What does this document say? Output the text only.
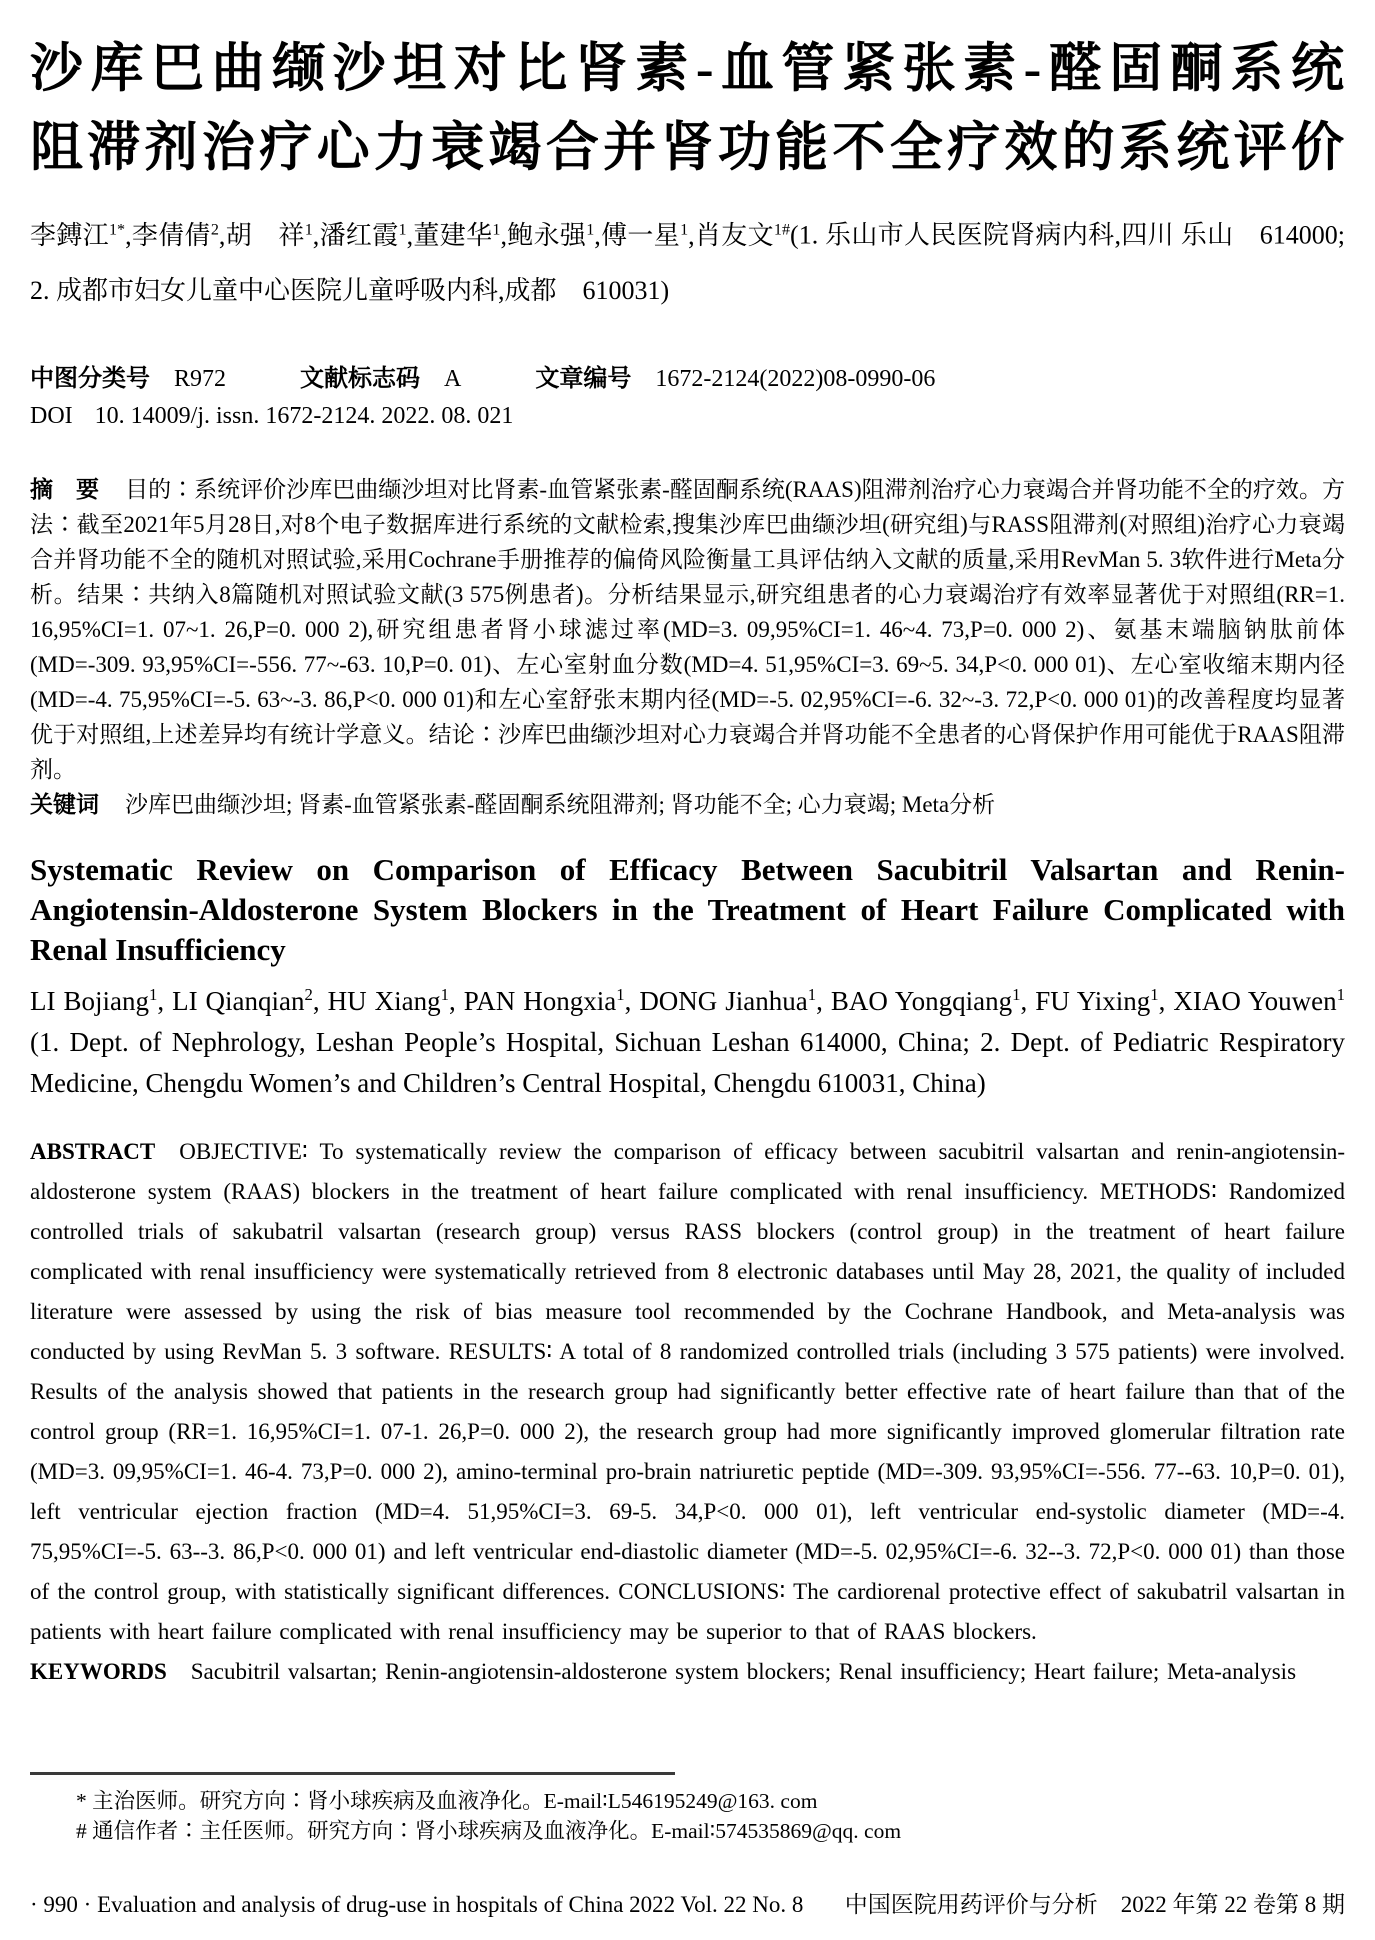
沙库巴曲缬沙坦对比肾素-血管紧张素-醛固酮系统
阻滞剂治疗心力衰竭合并肾功能不全疗效的系统评价

李鎛江$^{1*}$,李倩倩$^2$,胡　祥$^1$,潘红霞$^1$,董建华$^1$,鲍永强$^1$,傅一星$^1$,肖友文$^{1\#}$(1. 乐山市人民医院肾病内科,四川 乐山　614000; 2. 成都市妇女儿童中心医院儿童呼吸内科,成都　610031)

中图分类号 R972	文献标志码 A	文章编号 1672-2124(2022)08-0990-06
DOI 10. 14009/j. issn. 1672-2124. 2022. 08. 021

摘　要 目的∶系统评价沙库巴曲缬沙坦对比肾素-血管紧张素-醛固酮系统(RAAS)阻滞剂治疗心力衰竭合并肾功能不全的疗效。方法∶截至2021年5月28日,对8个电子数据库进行系统的文献检索,搜集沙库巴曲缬沙坦(研究组)与RASS阻滞剂(对照组)治疗心力衰竭合并肾功能不全的随机对照试验,采用Cochrane手册推荐的偏倚风险衡量工具评估纳入文献的质量,采用RevMan 5. 3软件进行Meta分析。结果∶共纳入8篇随机对照试验文献(3 575例患者)。分析结果显示,研究组患者的心力衰竭治疗有效率显著优于对照组(RR=1. 16,95%CI=1. 07~1. 26,P=0. 000 2),研究组患者肾小球滤过率(MD=3. 09,95%CI=1. 46~4. 73,P=0. 000 2)、氨基末端脑钠肽前体(MD=-309. 93,95%CI=-556. 77~-63. 10,P=0. 01)、左心室射血分数(MD=4. 51,95%CI=3. 69~5. 34,P<0. 000 01)、左心室收缩末期内径(MD=-4. 75,95%CI=-5. 63~-3. 86,P<0. 000 01)和左心室舒张末期内径(MD=-5. 02,95%CI=-6. 32~-3. 72,P<0. 000 01)的改善程度均显著优于对照组,上述差异均有统计学意义。结论∶沙库巴曲缬沙坦对心力衰竭合并肾功能不全患者的心肾保护作用可能优于RAAS阻滞剂。

关键词 沙库巴曲缬沙坦; 肾素-血管紧张素-醛固酮系统阻滞剂; 肾功能不全; 心力衰竭; Meta分析

Systematic Review on Comparison of Efficacy Between Sacubitril Valsartan and Renin-Angiotensin-Aldosterone System Blockers in the Treatment of Heart Failure Complicated with Renal Insufficiency

LI Bojiang$^1$, LI Qianqian$^2$, HU Xiang$^1$, PAN Hongxia$^1$, DONG Jianhua$^1$, BAO Yongqiang$^1$, FU Yixing$^1$, XIAO Youwen$^1$ (1. Dept. of Nephrology, Leshan People’s Hospital, Sichuan Leshan 614000, China; 2. Dept. of Pediatric Respiratory Medicine, Chengdu Women’s and Children’s Central Hospital, Chengdu 610031, China)

ABSTRACT OBJECTIVE∶ To systematically review the comparison of efficacy between sacubitril valsartan and renin-angiotensin-aldosterone system (RAAS) blockers in the treatment of heart failure complicated with renal insufficiency. METHODS∶ Randomized controlled trials of sakubatril valsartan (research group) versus RASS blockers (control group) in the treatment of heart failure complicated with renal insufficiency were systematically retrieved from 8 electronic databases until May 28, 2021, the quality of included literature were assessed by using the risk of bias measure tool recommended by the Cochrane Handbook, and Meta-analysis was conducted by using RevMan 5. 3 software. RESULTS∶ A total of 8 randomized controlled trials (including 3 575 patients) were involved. Results of the analysis showed that patients in the research group had significantly better effective rate of heart failure than that of the control group (RR=1. 16,95%CI=1. 07-1. 26,P=0. 000 2), the research group had more significantly improved glomerular filtration rate (MD=3. 09,95%CI=1. 46-4. 73,P=0. 000 2), amino-terminal pro-brain natriuretic peptide (MD=-309. 93,95%CI=-556. 77--63. 10,P=0. 01), left ventricular ejection fraction (MD=4. 51,95%CI=3. 69-5. 34,P<0. 000 01), left ventricular end-systolic diameter (MD=-4. 75,95%CI=-5. 63--3. 86,P<0. 000 01) and left ventricular end-diastolic diameter (MD=-5. 02,95%CI=-6. 32--3. 72,P<0. 000 01) than those of the control group, with statistically significant differences. CONCLUSIONS∶ The cardiorenal protective effect of sakubatril valsartan in patients with heart failure complicated with renal insufficiency may be superior to that of RAAS blockers.

KEYWORDS Sacubitril valsartan; Renin-angiotensin-aldosterone system blockers; Renal insufficiency; Heart failure; Meta-analysis

* 主治医师。研究方向∶肾小球疾病及血液净化。E-mail∶L546195249@163. com

# 通信作者∶主任医师。研究方向∶肾小球疾病及血液净化。E-mail∶574535869@qq. com

· 990 · Evaluation and analysis of drug-use in hospitals of China 2022 Vol. 22 No. 8 中国医院用药评价与分析　2022 年第 22 卷第 8 期
